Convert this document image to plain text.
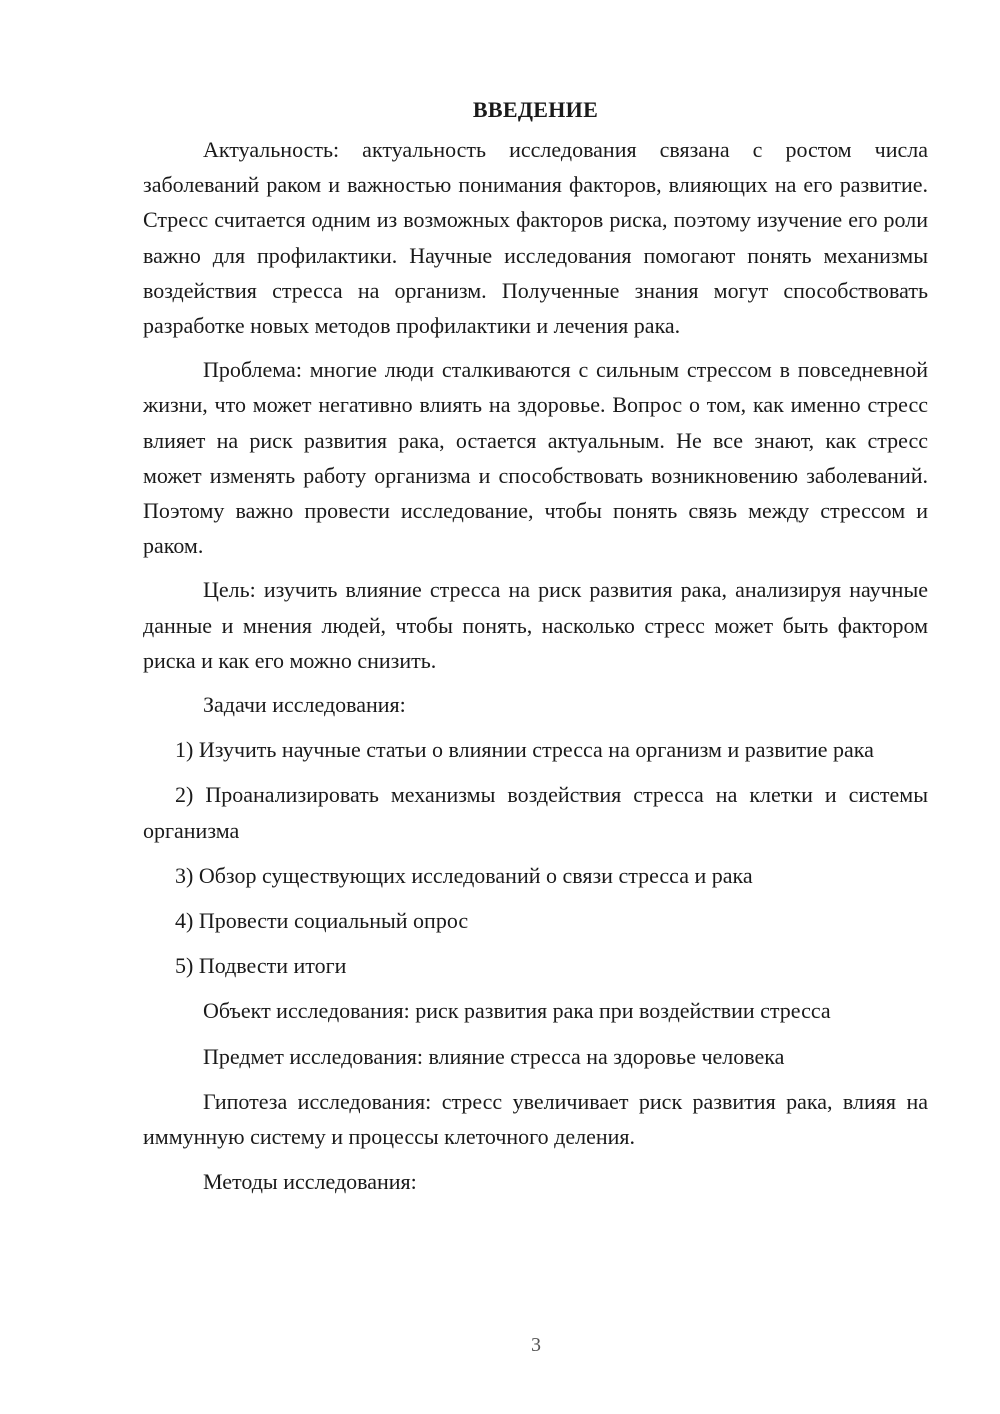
ВВЕДЕНИЕ

Актуальность: актуальность исследования связана с ростом числа заболеваний раком и важностью понимания факторов, влияющих на его развитие. Стресс считается одним из возможных факторов риска, поэтому изучение его роли важно для профилактики. Научные исследования помогают понять механизмы воздействия стресса на организм. Полученные знания могут способствовать разработке новых методов профилактики и лечения рака.

Проблема: многие люди сталкиваются с сильным стрессом в повседневной жизни, что может негативно влиять на здоровье. Вопрос о том, как именно стресс влияет на риск развития рака, остается актуальным. Не все знают, как стресс может изменять работу организма и способствовать возникновению заболеваний. Поэтому важно провести исследование, чтобы понять связь между стрессом и раком.

Цель: изучить влияние стресса на риск развития рака, анализируя научные данные и мнения людей, чтобы понять, насколько стресс может быть фактором риска и как его можно снизить.

Задачи исследования:

1) Изучить научные статьи о влиянии стресса на организм и развитие рака

2) Проанализировать механизмы воздействия стресса на клетки и системы организма

3) Обзор существующих исследований о связи стресса и рака

4) Провести социальный опрос

5) Подвести итоги

Объект исследования: риск развития рака при воздействии стресса

Предмет исследования: влияние стресса на здоровье человека

Гипотеза исследования: стресс увеличивает риск развития рака, влияя на иммунную систему и процессы клеточного деления.

Методы исследования:

3
